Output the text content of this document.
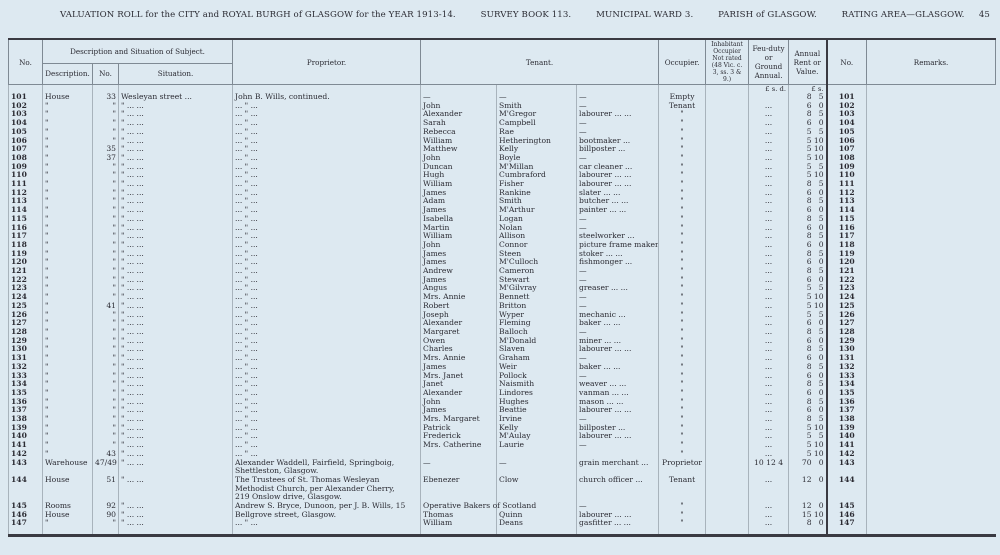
VALUATION ROLL for the CITY and ROYAL BURGH of GLASGOW for the YEAR 1913-14.	SURVEY BOOK 113.	MUNICIPAL WARD 3.	PARISH of GLASGOW.	RATING AREA—GLASGOW. 45
No.	Description and Situation of Subject.			Proprietor.	Tenant.			Occupier.	Inhabitant Occupier Not rated (48 Vic. c. 3, ss. 3 & 9.)	Feu-duty or Ground Annual.	Annual Rent or Value.	No.	Remarks.
	Description.	No.	Situation.										
										£ s. d.	£ s.		
101	House	33	Wesleyan street ...	John B. Wills, continued.	—	—	—	Empty			8 5	101	
102	"	"	" ... ...	... " ...	John	Smith	—	Tenant		...	6 0	102	
103	"	"	" ... ...	... " ...	Alexander	M'Gregor	labourer ... ...	"		...	8 5	103	
104	"	"	" ... ...	... " ...	Sarah	Campbell	—	"		...	6 0	104	
105	"	"	" ... ...	... " ...	Rebecca	Rae	—	"		...	5 5	105	
106	"	"	" ... ...	... " ...	William	Hetherington	bootmaker ...	"		...	5 10	106	
107	"	35	" ... ...	... " ...	Matthew	Kelly	billposter ...	"		...	5 10	107	
108	"	37	" ... ...	... " ...	John	Boyle	—	"		...	5 10	108	
109	"	"	" ... ...	... " ...	Duncan	M'Millan	car cleaner ...	"		...	5 5	109	
110	"	"	" ... ...	... " ...	Hugh	Cumbraford	labourer ... ...	"		...	5 10	110	
111	"	"	" ... ...	... " ...	William	Fisher	labourer ... ...	"		...	8 5	111	
112	"	"	" ... ...	... " ...	James	Rankine	slater ... ...	"		...	6 0	112	
113	"	"	" ... ...	... " ...	Adam	Smith	butcher ... ...	"		...	8 5	113	
114	"	"	" ... ...	... " ...	James	M'Arthur	painter ... ...	"		...	6 0	114	
115	"	"	" ... ...	... " ...	Isabella	Logan	—	"		...	8 5	115	
116	"	"	" ... ...	... " ...	Martin	Nolan	—	"		...	6 0	116	
117	"	"	" ... ...	... " ...	William	Allison	steelworker ...	"		...	8 5	117	
118	"	"	" ... ...	... " ...	John	Connor	picture frame maker	"		...	6 0	118	
119	"	"	" ... ...	... " ...	James	Steen	stoker ... ...	"		...	8 5	119	
120	"	"	" ... ...	... " ...	James	M'Culloch	fishmonger ...	"		...	6 0	120	
121	"	"	" ... ...	... " ...	Andrew	Cameron	—	"		...	8 5	121	
122	"	"	" ... ...	... " ...	James	Stewart	—	"		...	6 0	122	
123	"	"	" ... ...	... " ...	Angus	M'Gilvray	greaser ... ...	"		...	5 5	123	
124	"	"	" ... ...	... " ...	Mrs. Annie	Bennett	—	"		...	5 10	124	
125	"	41	" ... ...	... " ...	Robert	Britton	—	"		...	5 10	125	
126	"	"	" ... ...	... " ...	Joseph	Wyper	mechanic ...	"		...	5 5	126	
127	"	"	" ... ...	... " ...	Alexander	Fleming	baker ... ...	"		...	6 0	127	
128	"	"	" ... ...	... " ...	Margaret	Balloch	—	"		...	8 5	128	
129	"	"	" ... ...	... " ...	Owen	M'Donald	miner ... ...	"		...	6 0	129	
130	"	"	" ... ...	... " ...	Charles	Slaven	labourer ... ...	"		...	8 5	130	
131	"	"	" ... ...	... " ...	Mrs. Annie	Graham	—	"		...	6 0	131	
132	"	"	" ... ...	... " ...	James	Weir	baker ... ...	"		...	8 5	132	
133	"	"	" ... ...	... " ...	Mrs. Janet	Pollock	—	"		...	6 0	133	
134	"	"	" ... ...	... " ...	Janet	Naismith	weaver ... ...	"		...	8 5	134	
135	"	"	" ... ...	... " ...	Alexander	Lindores	vanman ... ...	"		...	6 0	135	
136	"	"	" ... ...	... " ...	John	Hughes	mason ... ...	"		...	8 5	136	
137	"	"	" ... ...	... " ...	James	Beattie	labourer ... ...	"		...	6 0	137	
138	"	"	" ... ...	... " ...	Mrs. Margaret	Irvine	—	"		...	8 5	138	
139	"	"	" ... ...	... " ...	Patrick	Kelly	billposter ...	"		...	5 10	139	
140	"	"	" ... ...	... " ...	Frederick	M'Aulay	labourer ... ...	"		...	5 5	140	
141	"	"	" ... ...	... " ...	Mrs. Catherine	Laurie	—	"		...	5 10	141	
142	"	43	" ... ...	... " ...				"		...	5 10	142	
143	Warehouse	47/49	" ... ...	Alexander Waddell, Fairfield, Springboig,
Shettleston, Glasgow.	—	—	grain merchant ...	Proprietor		10 12 4	70 0	143	
144	House	51	" ... ...	The Trustees of St. Thomas Wesleyan
Methodist Church, per Alexander Cherry,
219 Onslow drive, Glasgow.	Ebenezer	Clow	church officer ...	Tenant		...	12 0	144	
145	Rooms	92	" ... ...	Andrew S. Bryce, Dunoon, per J. B. Wills, 15	Operative Bakers of Scotland		—	"		...	12 0	145	
146	House	90	" ... ...	Bellgrove street, Glasgow.	Thomas	Quinn	labourer ... ...	"		...	15 10	146	
147	"	"	" ... ...	... " ...	William	Deans	gasfitter ... ...	"		...	8 0	147	
